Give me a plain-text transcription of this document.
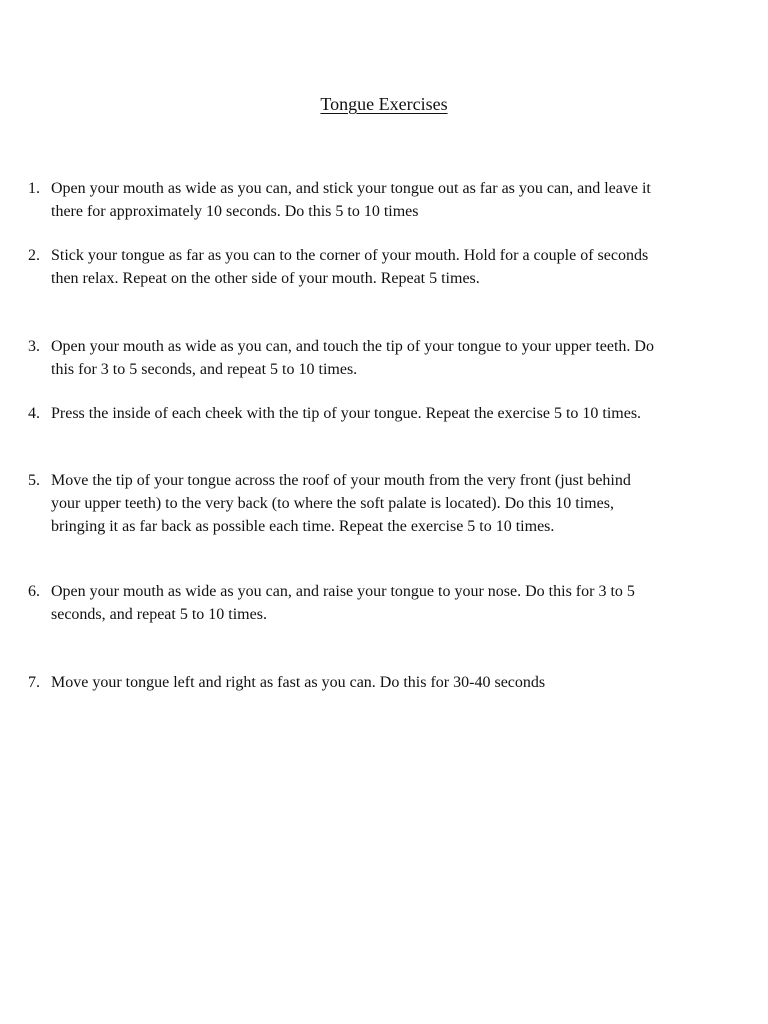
Tongue Exercises
1. Open your mouth as wide as you can, and stick your tongue out as far as you can, and leave it there for approximately 10 seconds. Do this 5 to 10 times
2. Stick your tongue as far as you can to the corner of your mouth. Hold for a couple of seconds then relax. Repeat on the other side of your mouth. Repeat 5 times.
3. Open your mouth as wide as you can, and touch the tip of your tongue to your upper teeth. Do this for 3 to 5 seconds, and repeat 5 to 10 times.
4. Press the inside of each cheek with the tip of your tongue. Repeat the exercise 5 to 10 times.
5. Move the tip of your tongue across the roof of your mouth from the very front (just behind your upper teeth) to the very back (to where the soft palate is located). Do this 10 times, bringing it as far back as possible each time. Repeat the exercise 5 to 10 times.
6. Open your mouth as wide as you can, and raise your tongue to your nose. Do this for 3 to 5 seconds, and repeat 5 to 10 times.
7. Move your tongue left and right as fast as you can. Do this for 30-40 seconds
